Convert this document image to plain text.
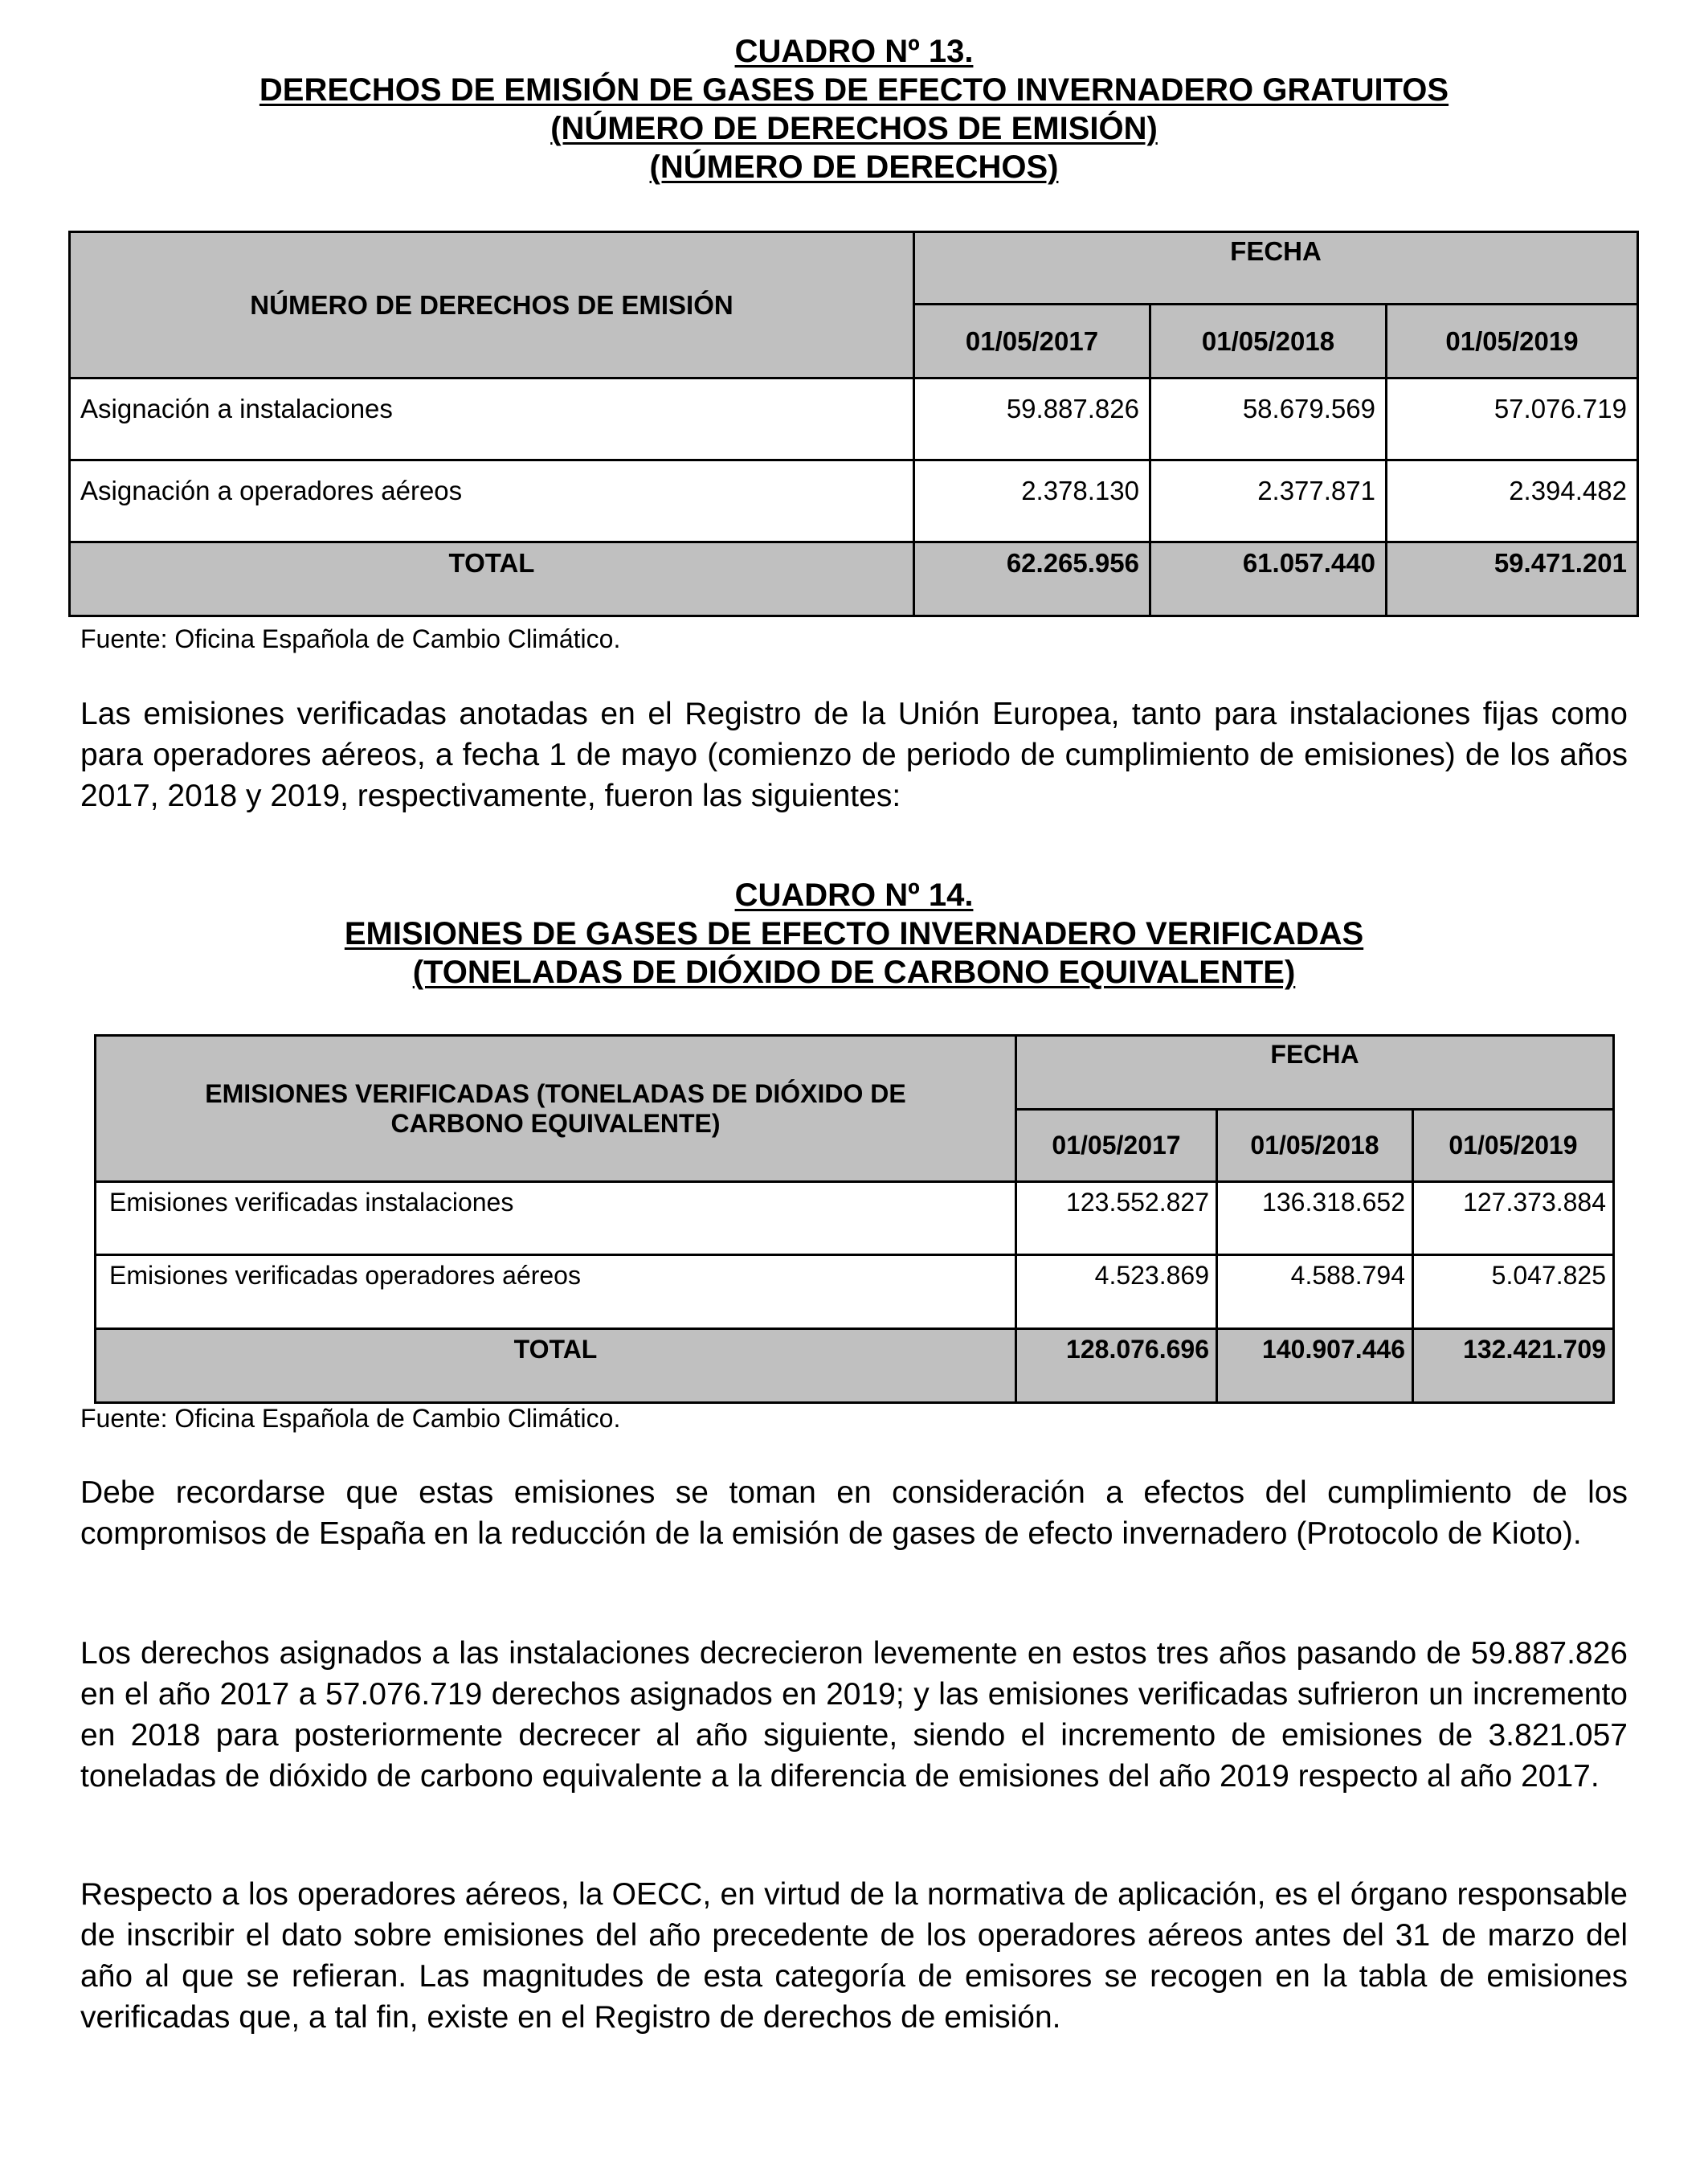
CUADRO Nº 13.
DERECHOS DE EMISIÓN DE GASES DE EFECTO INVERNADERO GRATUITOS
(NÚMERO DE DERECHOS DE EMISIÓN)
(NÚMERO DE DERECHOS)
NÚMERO DE DERECHOS DE EMISIÓN	FECHA		
	01/05/2017	01/05/2018	01/05/2019
Asignación a instalaciones	59.887.826	58.679.569	57.076.719
Asignación a operadores aéreos	2.378.130	2.377.871	2.394.482
TOTAL	62.265.956	61.057.440	59.471.201
Fuente: Oficina Española de Cambio Climático.

Las emisiones verificadas anotadas en el Registro de la Unión Europea, tanto para instalaciones fijas como para operadores aéreos, a fecha 1 de mayo (comienzo de periodo de cumplimiento de emisiones) de los años 2017, 2018 y 2019, respectivamente, fueron las siguientes:

CUADRO Nº 14.
EMISIONES DE GASES DE EFECTO INVERNADERO VERIFICADAS
(TONELADAS DE DIÓXIDO DE CARBONO EQUIVALENTE)
EMISIONES VERIFICADAS (TONELADAS DE DIÓXIDO DE CARBONO EQUIVALENTE)	FECHA		
	01/05/2017	01/05/2018	01/05/2019
Emisiones verificadas instalaciones	123.552.827	136.318.652	127.373.884
Emisiones verificadas operadores aéreos	4.523.869	4.588.794	5.047.825
TOTAL	128.076.696	140.907.446	132.421.709
Fuente: Oficina Española de Cambio Climático.

Debe recordarse que estas emisiones se toman en consideración a efectos del cumplimiento de los compromisos de España en la reducción de la emisión de gases de efecto invernadero (Protocolo de Kioto).

Los derechos asignados a las instalaciones decrecieron levemente en estos tres años pasando de 59.887.826 en el año 2017 a 57.076.719 derechos asignados en 2019; y las emisiones verificadas sufrieron un incremento en 2018 para posteriormente decrecer al año siguiente, siendo el incremento de emisiones de 3.821.057 toneladas de dióxido de carbono equivalente a la diferencia de emisiones del año 2019 respecto al año 2017.

Respecto a los operadores aéreos, la OECC, en virtud de la normativa de aplicación, es el órgano responsable de inscribir el dato sobre emisiones del año precedente de los operadores aéreos antes del 31 de marzo del año al que se refieran. Las magnitudes de esta categoría de emisores se recogen en la tabla de emisiones verificadas que, a tal fin, existe en el Registro de derechos de emisión.
